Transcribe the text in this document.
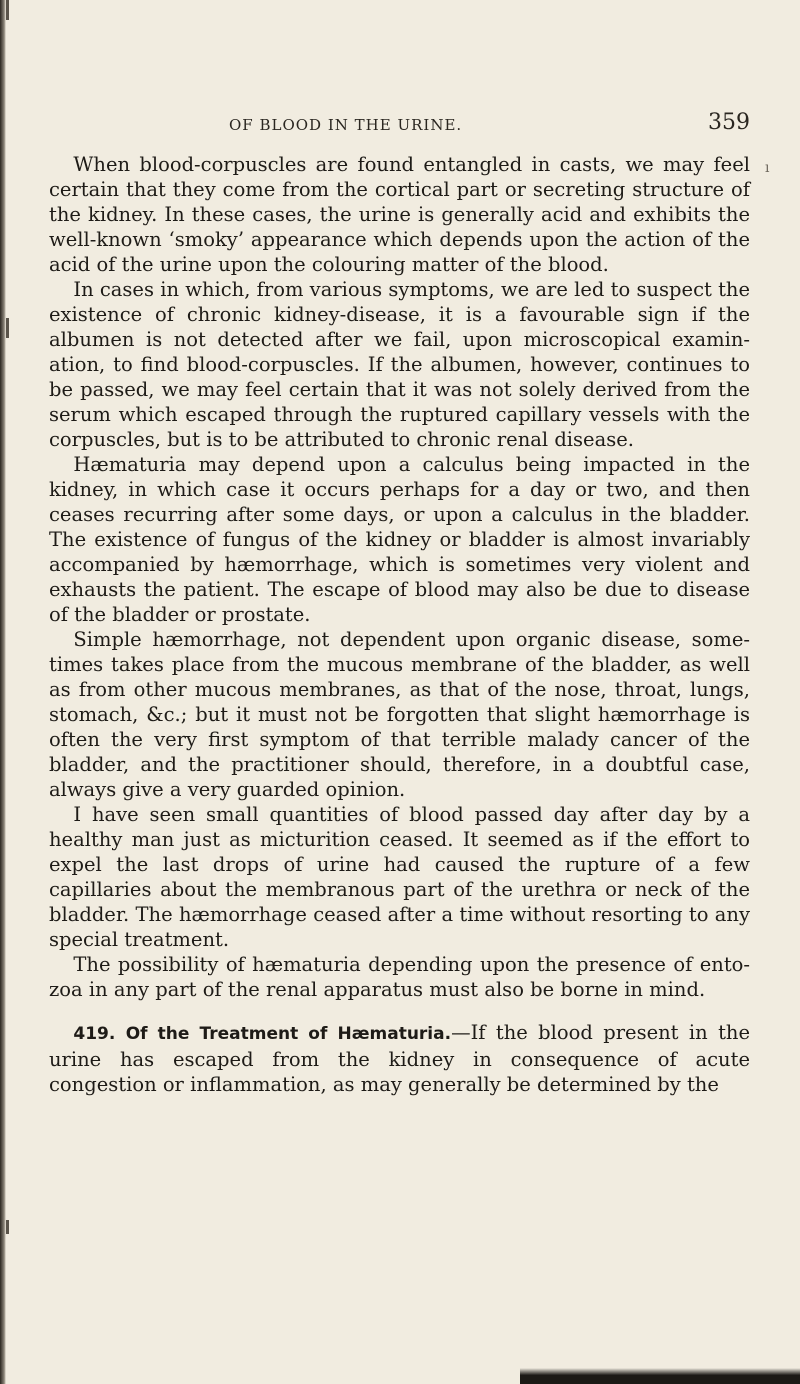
OF BLOOD IN THE URINE.	359

When blood-corpuscles are found entangled in casts, we may feel certain that they come from the cortical part or secreting structure of the kidney. In these cases, the urine is generally acid and exhibits the well-known ‘smoky’ appearance which depends upon the action of the acid of the urine upon the colouring matter of the blood.

In cases in which, from various symptoms, we are led to suspect the existence of chronic kidney-disease, it is a favourable sign if the albumen is not detected after we fail, upon microscopical examin-ation, to find blood-corpuscles. If the albumen, however, continues to be passed, we may feel certain that it was not solely derived from the serum which escaped through the ruptured capillary vessels with the corpuscles, but is to be attributed to chronic renal disease.

Hæmaturia may depend upon a calculus being impacted in the kidney, in which case it occurs perhaps for a day or two, and then ceases recurring after some days, or upon a calculus in the bladder. The existence of fungus of the kidney or bladder is almost invariably accompanied by hæmorrhage, which is sometimes very violent and exhausts the patient. The escape of blood may also be due to disease of the bladder or prostate.

Simple hæmorrhage, not dependent upon organic disease, some-times takes place from the mucous membrane of the bladder, as well as from other mucous membranes, as that of the nose, throat, lungs, stomach, &c.; but it must not be forgotten that slight hæmorrhage is often the very first symptom of that terrible malady cancer of the bladder, and the practitioner should, therefore, in a doubtful case, always give a very guarded opinion.

I have seen small quantities of blood passed day after day by a healthy man just as micturition ceased. It seemed as if the effort to expel the last drops of urine had caused the rupture of a few capillaries about the membranous part of the urethra or neck of the bladder. The hæmorrhage ceased after a time without resorting to any special treatment.

The possibility of hæmaturia depending upon the presence of ento-zoa in any part of the renal apparatus must also be borne in mind.

419. Of the Treatment of Hæmaturia.—If the blood present in the urine has escaped from the kidney in consequence of acute congestion or inflammation, as may generally be determined by the

ı
